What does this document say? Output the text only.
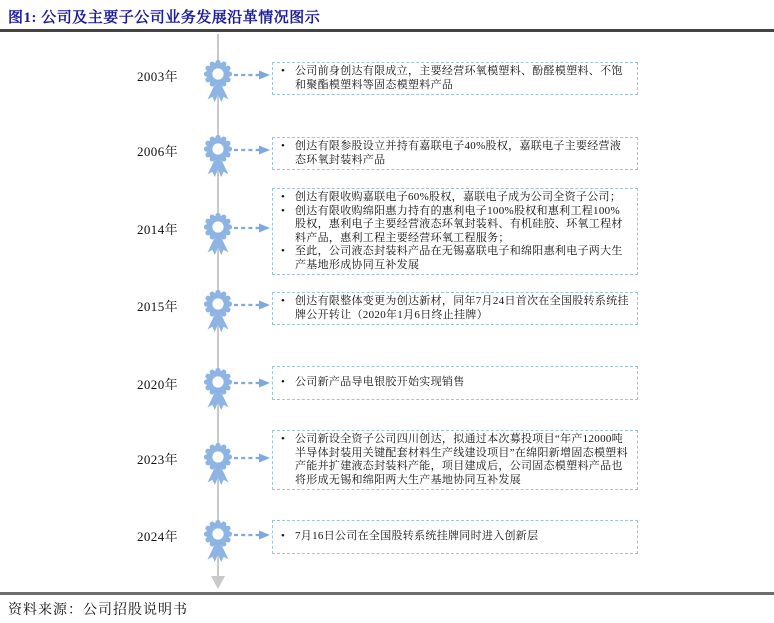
图1: 公司及主要子公司业务发展沿革情况图示
2003年	• 公司前身创达有限成立，主要经营环氧模塑料、酚醛模塑料、不饱和聚酯模塑料等固态模塑料产品
2006年	• 创达有限参股设立并持有嘉联电子40%股权，嘉联电子主要经营液态环氧封装料产品
2014年
• 创达有限收购嘉联电子60%股权，嘉联电子成为公司全资子公司；
• 创达有限收购绵阳惠力持有的惠利电子100%股权和惠利工程100%股权，惠利电子主要经营液态环氧封装料、有机硅胶、环氧工程材料产品，惠利工程主要经营环氧工程服务；
• 至此，公司液态封装料产品在无锡嘉联电子和绵阳惠利电子两大生产基地形成协同互补发展
2015年	• 创达有限整体变更为创达新材，同年7月24日首次在全国股转系统挂牌公开转让（2020年1月6日终止挂牌）
2020年	• 公司新产品导电银胶开始实现销售
2023年
• 公司新设全资子公司四川创达，拟通过本次募投项目“年产12000吨半导体封装用关键配套材料生产线建设项目”在绵阳新增固态模塑料产能并扩建液态封装料产能，项目建成后，公司固态模塑料产品也将形成无锡和绵阳两大生产基地协同互补发展
2024年	• 7月16日公司在全国股转系统挂牌同时进入创新层
资料来源：公司招股说明书
